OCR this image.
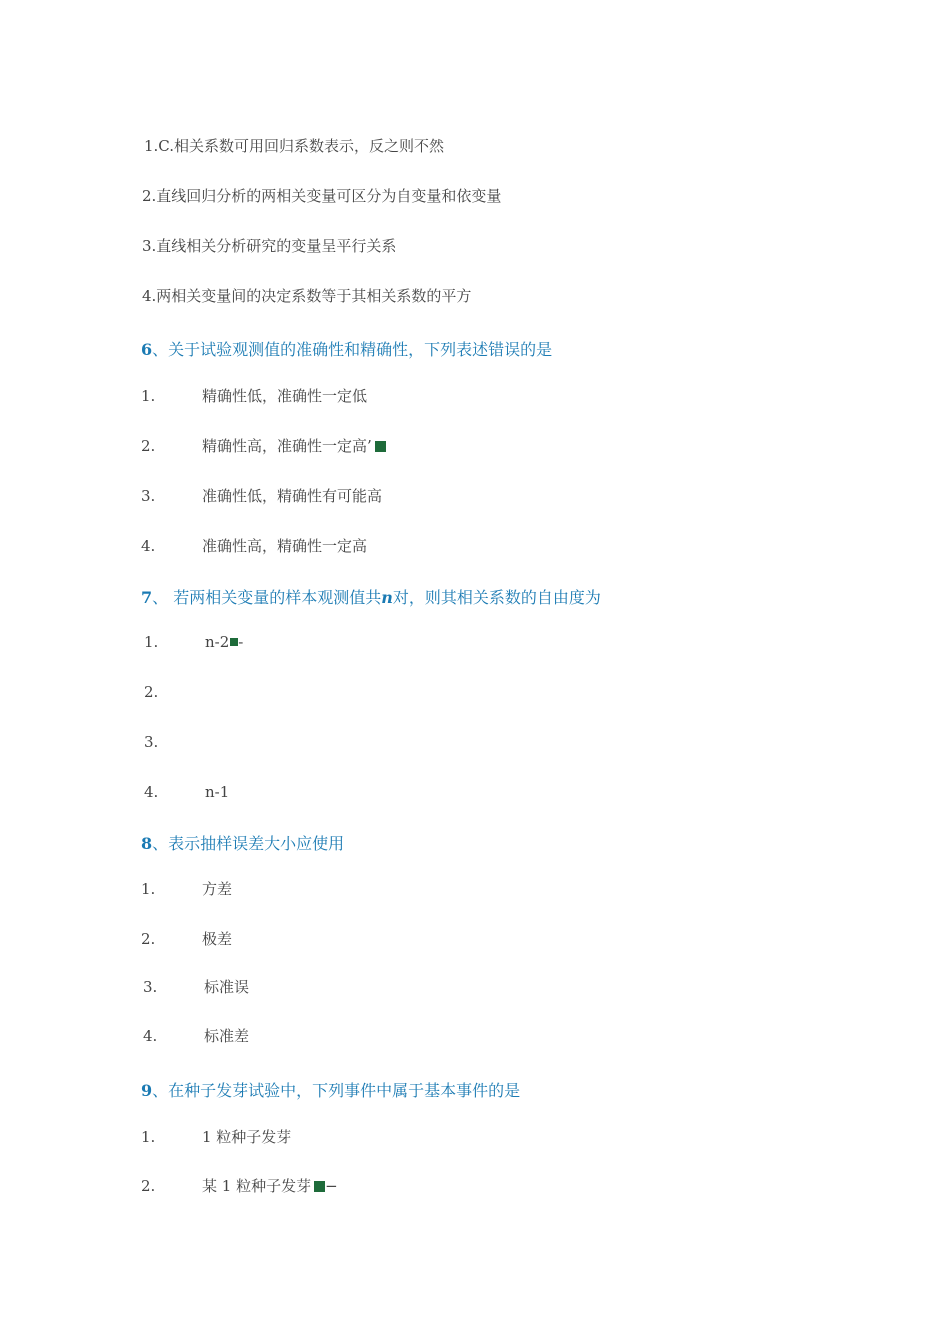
1.C.相关系数可用回归系数表示，反之则不然
2.直线回归分析的两相关变量可区分为自变量和依变量
3.直线相关分析研究的变量呈平行关系
4.两相关变量间的决定系数等于其相关系数的平方
6、关于试验观测值的准确性和精确性，下列表述错误的是
1.	精确性低，准确性一定低
2.	精确性高，准确性一定高’
3.	准确性低，精确性有可能高
4.	准确性高，精确性一定高
7、 若两相关变量的样本观测值共n对，则其相关系数的自由度为
1.	n-2 -
2.
3.
4.	n-1
8、表示抽样误差大小应使用
1.	方差
2.	极差
3.	标准误
4.	标准差
9、在种子发芽试验中，下列事件中属于基本事件的是
1.	1 粒种子发芽
2.	某 1 粒种子发芽 −
